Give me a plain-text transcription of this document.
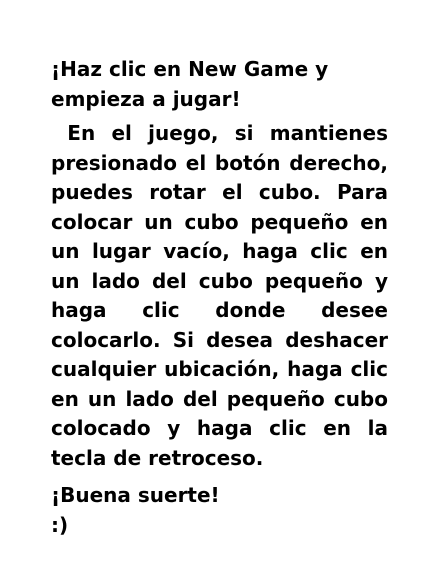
¡Haz clic en New Game y empieza a jugar!

En el juego, si mantienes presionado el botón derecho, puedes rotar el cubo. Para colocar un cubo pequeño en un lugar vacío, haga clic en un lado del cubo pequeño y haga clic donde desee colocarlo. Si desea deshacer cualquier ubicación, haga clic en un lado del pequeño cubo colocado y haga clic en la tecla de retroceso.

¡Buena suerte!

:)
